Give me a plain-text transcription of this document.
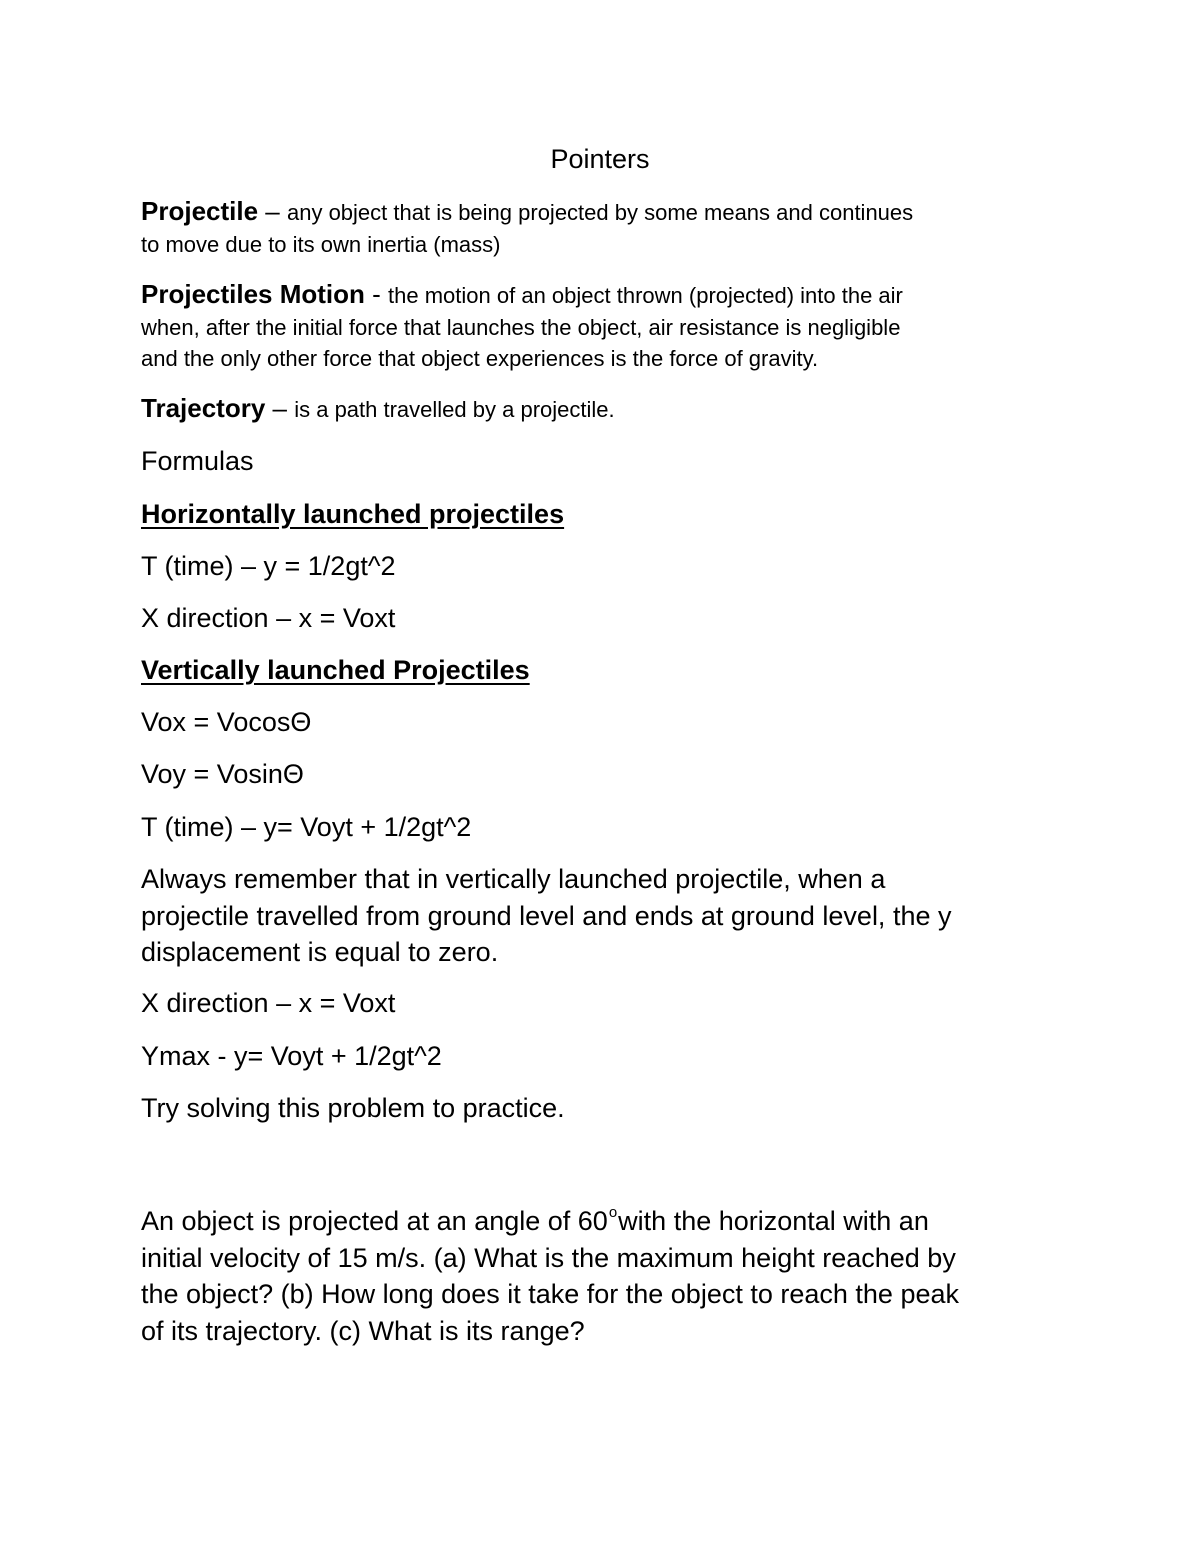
Pointers
Projectile – any object that is being projected by some means and continues
to move due to its own inertia (mass)
Projectiles Motion - the motion of an object thrown (projected) into the air
when, after the initial force that launches the object, air resistance is negligible
and the only other force that object experiences is the force of gravity.
Trajectory – is a path travelled by a projectile.

Formulas

Horizontally launched projectiles

T (time) – y = 1/2gt^2

X direction – x = Voxt

Vertically launched Projectiles

Vox = VocosΘ

Voy = VosinΘ

T (time) – y= Voyt + 1/2gt^2

Always remember that in vertically launched projectile, when a
projectile travelled from ground level and ends at ground level, the y
displacement is equal to zero.

X direction – x = Voxt

Ymax - y= Voyt + 1/2gt^2

Try solving this problem to practice.

An object is projected at an angle of 60$^o$with the horizontal with an
initial velocity of 15 m/s. (a) What is the maximum height reached by
the object? (b) How long does it take for the object to reach the peak
of its trajectory. (c) What is its range?
